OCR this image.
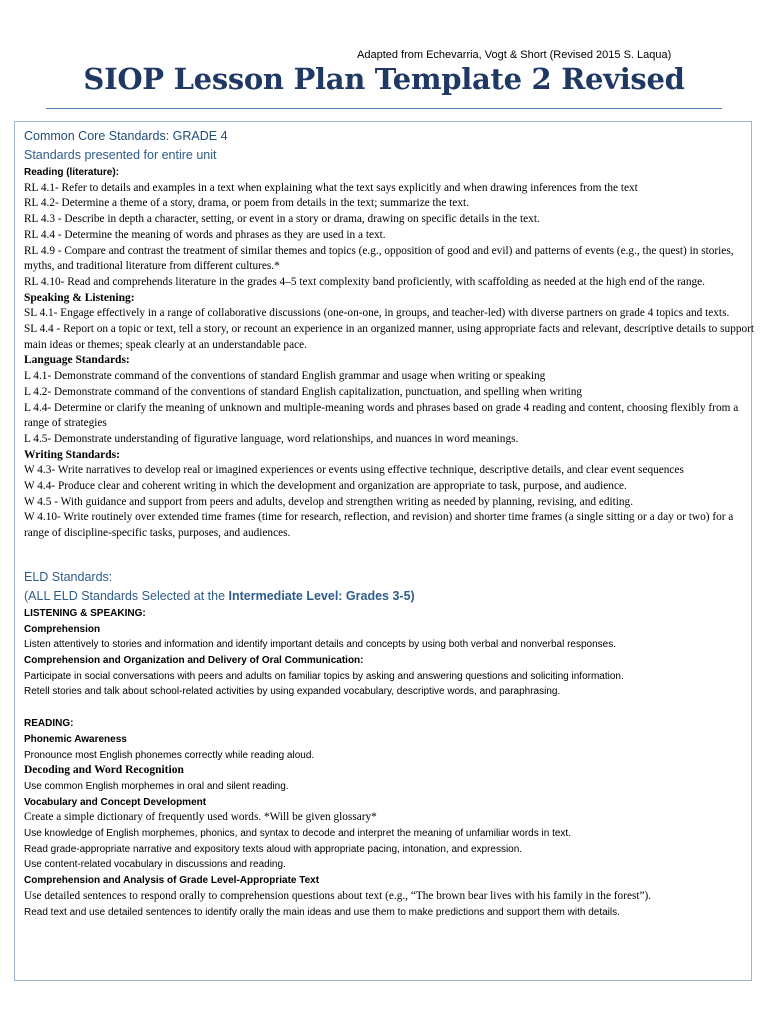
Adapted from Echevarria, Vogt & Short (Revised 2015 S. Laqua)
SIOP Lesson Plan Template 2 Revised
Common Core Standards: GRADE 4
Standards presented for entire unit
Reading (literature):
RL 4.1- Refer to details and examples in a text when explaining what the text says explicitly and when drawing inferences from the text
RL 4.2- Determine a theme of a story, drama, or poem from details in the text; summarize the text.
RL 4.3 - Describe in depth a character, setting, or event in a story or drama, drawing on specific details in the text.
RL 4.4 - Determine the meaning of words and phrases as they are used in a text.
RL 4.9 - Compare and contrast the treatment of similar themes and topics (e.g., opposition of good and evil) and patterns of events (e.g., the quest) in stories, myths, and traditional literature from different cultures.*
RL 4.10- Read and comprehends literature in the grades 4–5 text complexity band proficiently, with scaffolding as needed at the high end of the range.
Speaking & Listening:
SL 4.1- Engage effectively in a range of collaborative discussions (one-on-one, in groups, and teacher-led) with diverse partners on grade 4 topics and texts.
SL 4.4 - Report on a topic or text, tell a story, or recount an experience in an organized manner, using appropriate facts and relevant, descriptive details to support main ideas or themes; speak clearly at an understandable pace.
Language Standards:
L 4.1- Demonstrate command of the conventions of standard English grammar and usage when writing or speaking
L 4.2- Demonstrate command of the conventions of standard English capitalization, punctuation, and spelling when writing
L 4.4- Determine or clarify the meaning of unknown and multiple-meaning words and phrases based on grade 4 reading and content, choosing flexibly from a range of strategies
L 4.5- Demonstrate understanding of figurative language, word relationships, and nuances in word meanings.
Writing Standards:
W 4.3- Write narratives to develop real or imagined experiences or events using effective technique, descriptive details, and clear event sequences
W 4.4- Produce clear and coherent writing in which the development and organization are appropriate to task, purpose, and audience.
W 4.5 - With guidance and support from peers and adults, develop and strengthen writing as needed by planning, revising, and editing.
W 4.10- Write routinely over extended time frames (time for research, reflection, and revision) and shorter time frames (a single sitting or a day or two) for a range of discipline-specific tasks, purposes, and audiences.
ELD Standards:
(ALL ELD Standards Selected at the Intermediate Level: Grades 3-5)
LISTENING & SPEAKING:
Comprehension
Listen attentively to stories and information and identify important details and concepts by using both verbal and nonverbal responses.
Comprehension and Organization and Delivery of Oral Communication:
Participate in social conversations with peers and adults on familiar topics by asking and answering questions and soliciting information.
Retell stories and talk about school-related activities by using expanded vocabulary, descriptive words, and paraphrasing.
READING:
Phonemic Awareness
Pronounce most English phonemes correctly while reading aloud.
Decoding and Word Recognition
Use common English morphemes in oral and silent reading.
Vocabulary and Concept Development
Create a simple dictionary of frequently used words. *Will be given glossary*
Use knowledge of English morphemes, phonics, and syntax to decode and interpret the meaning of unfamiliar words in text.
Read grade-appropriate narrative and expository texts aloud with appropriate pacing, intonation, and expression.
Use content-related vocabulary in discussions and reading.
Comprehension and Analysis of Grade Level-Appropriate Text
Use detailed sentences to respond orally to comprehension questions about text (e.g., “The brown bear lives with his family in the forest”).
Read text and use detailed sentences to identify orally the main ideas and use them to make predictions and support them with details.
